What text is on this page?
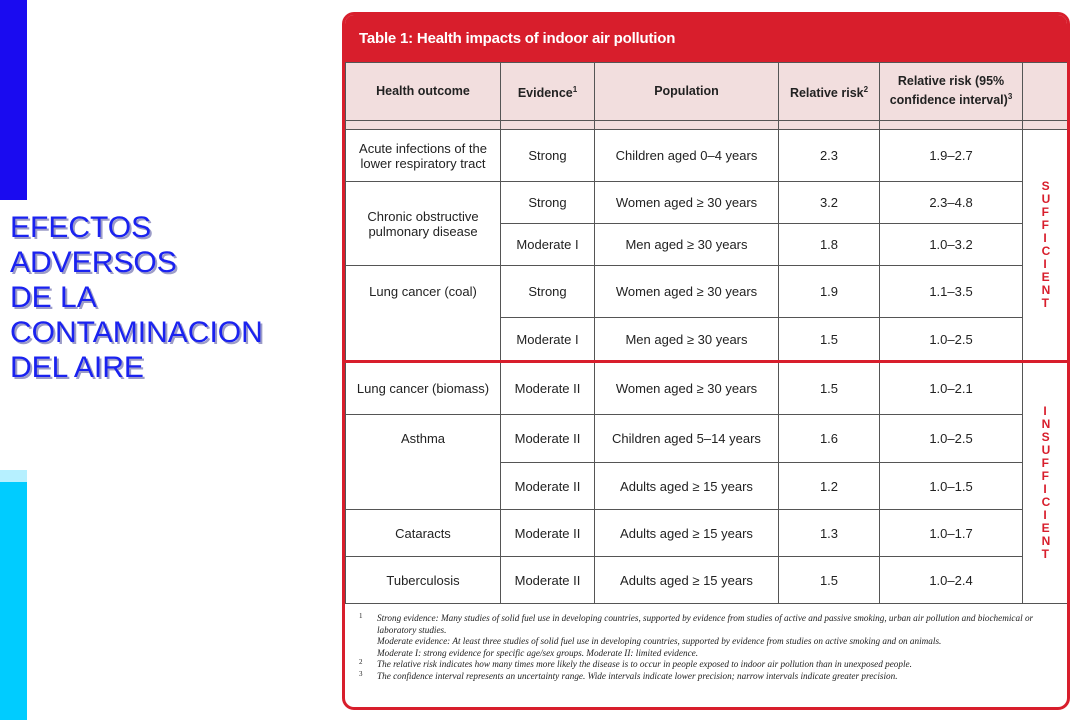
EFECTOS
ADVERSOS
DE LA
CONTAMINACION
DEL AIRE
Table 1: Health impacts of indoor air pollution
Health outcome	Evidence$^1$	Population	Relative risk$^2$	Relative risk (95% confidence interval)$^3$	

Acute infections of the lower respiratory tract	Strong	Children aged 0–4 years	2.3	1.9–2.7	SUFFICIENT
Chronic obstructive pulmonary disease	Strong	Women aged ≥ 30 years	3.2	2.3–4.8	
	Moderate I	Men aged ≥ 30 years	1.8	1.0–3.2	
Lung cancer (coal)	Strong	Women aged ≥ 30 years	1.9	1.1–3.5	
	Moderate I	Men aged ≥ 30 years	1.5	1.0–2.5	
Lung cancer (biomass)	Moderate II	Women aged ≥ 30 years	1.5	1.0–2.1	INSUFFICIENT
Asthma	Moderate II	Children aged 5–14 years	1.6	1.0–2.5	
	Moderate II	Adults aged ≥ 15 years	1.2	1.0–1.5	
Cataracts	Moderate II	Adults aged ≥ 15 years	1.3	1.0–1.7	
Tuberculosis	Moderate II	Adults aged ≥ 15 years	1.5	1.0–2.4	
1 Strong evidence: Many studies of solid fuel use in developing countries, supported by evidence from studies of active and passive smoking, urban air pollution and biochemical or laboratory studies.
Moderate evidence: At least three studies of solid fuel use in developing countries, supported by evidence from studies on active smoking and on animals.
Moderate I: strong evidence for specific age/sex groups. Moderate II: limited evidence.
2 The relative risk indicates how many times more likely the disease is to occur in people exposed to indoor air pollution than in unexposed people.
3 The confidence interval represents an uncertainty range. Wide intervals indicate lower precision; narrow intervals indicate greater precision.
